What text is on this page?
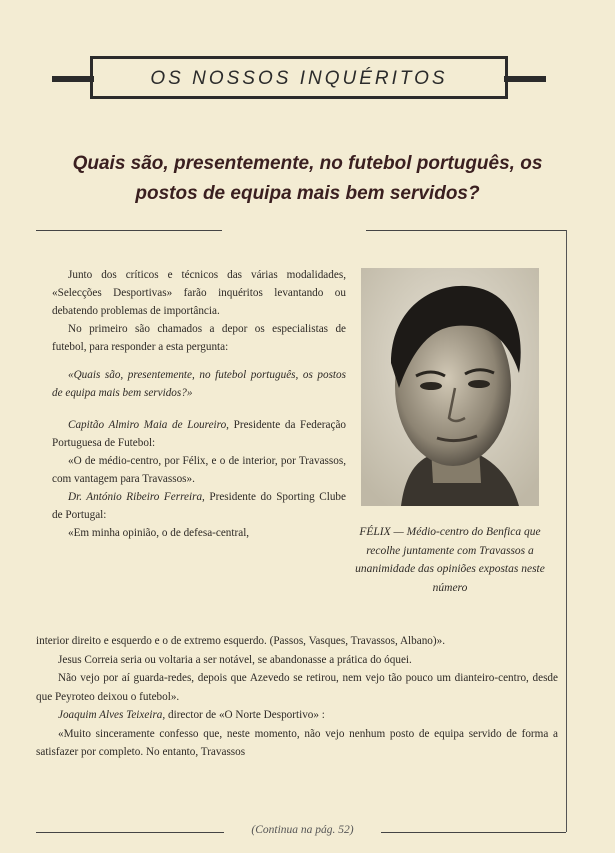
OS NOSSOS INQUÉRITOS
Quais são, presentemente, no futebol português, os
postos de equipa mais bem servidos?

Junto dos críticos e técnicos das várias modalidades, «Selecções Desportivas» farão inquéritos levantando ou debatendo problemas de importância.

No primeiro são chamados a depor os especialistas de futebol, para responder a esta pergunta:

«Quais são, presentemente, no futebol português, os postos de equipa mais bem servidos?»

Capitão Almiro Maia de Loureiro, Presidente da Federação Portuguesa de Futebol:

«O de médio-centro, por Félix, e o de interior, por Travassos, com vantagem para Travassos».

Dr. António Ribeiro Ferreira, Presidente do Sporting Clube de Portugal:

«Em minha opinião, o de defesa-central,	FÉLIX — Médio-centro do Benfica que recolhe juntamente com Travassos a unanimidade das opiniões expostas neste número

interior direito e esquerdo e o de extremo esquerdo. (Passos, Vasques, Travassos, Albano)».

Jesus Correia seria ou voltaria a ser notável, se abandonasse a prática do óquei.

Não vejo por aí guarda-redes, depois que Azevedo se retirou, nem vejo tão pouco um dianteiro-centro, desde que Peyroteo deixou o futebol».

Joaquim Alves Teixeira, director de «O Norte Desportivo» :

«Muito sinceramente confesso que, neste momento, não vejo nenhum posto de equipa servido de forma a satisfazer por completo. No entanto, Travassos

(Continua na pág. 52)
